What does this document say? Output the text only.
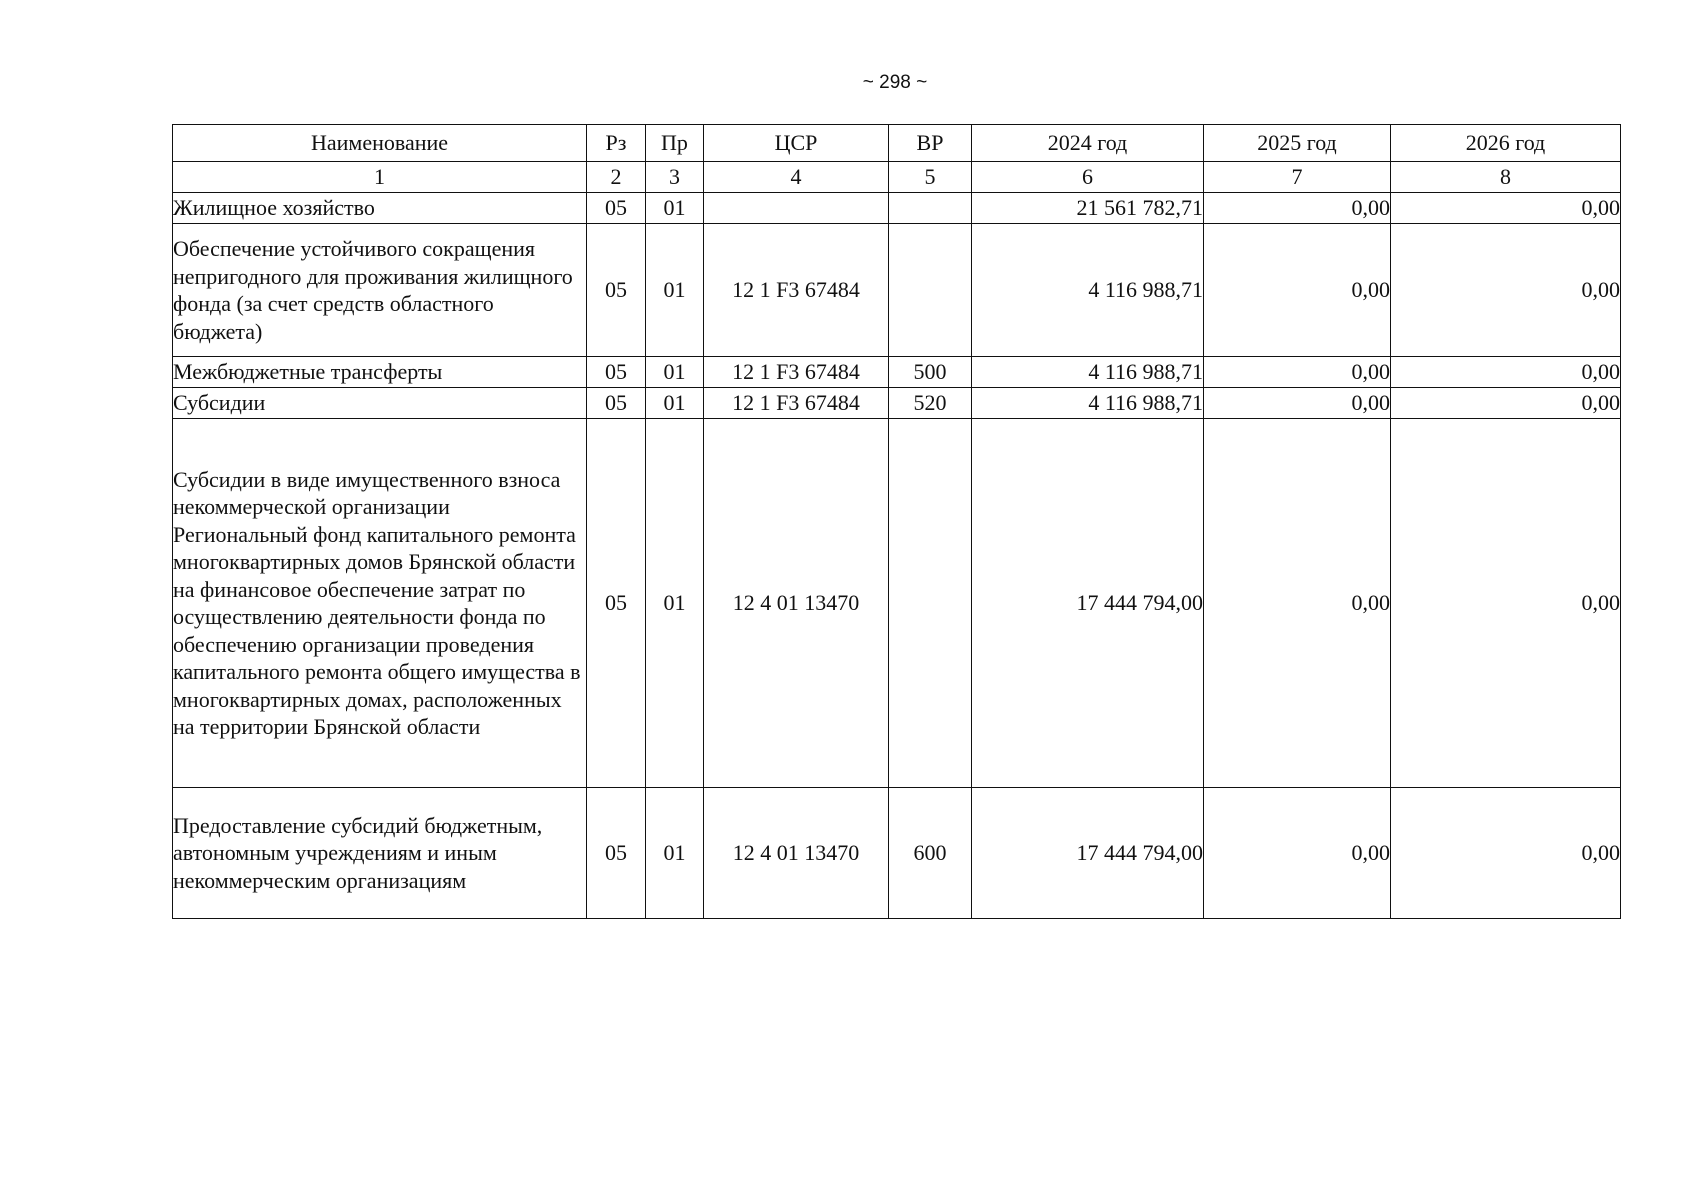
~ 298 ~
Наименование	Рз	Пр	ЦСР	ВР	2024 год	2025 год	2026 год
1	2	3	4	5	6	7	8
Жилищное хозяйство	05	01			21 561 782,71	0,00	0,00
Обеспечение устойчивого сокращения непригодного для проживания жилищного фонда (за счет средств областного бюджета)	05	01	12 1 F3 67484		4 116 988,71	0,00	0,00
Межбюджетные трансферты	05	01	12 1 F3 67484	500	4 116 988,71	0,00	0,00
Субсидии	05	01	12 1 F3 67484	520	4 116 988,71	0,00	0,00
Субсидии в виде имущественного взноса некоммерческой организации Региональный фонд капитального ремонта многоквартирных домов Брянской области на финансовое обеспечение затрат по осуществлению деятельности фонда по обеспечению организации проведения капитального ремонта общего имущества в многоквартирных домах, расположенных на территории Брянской области	05	01	12 4 01 13470		17 444 794,00	0,00	0,00
Предоставление субсидий бюджетным, автономным учреждениям и иным некоммерческим организациям	05	01	12 4 01 13470	600	17 444 794,00	0,00	0,00
